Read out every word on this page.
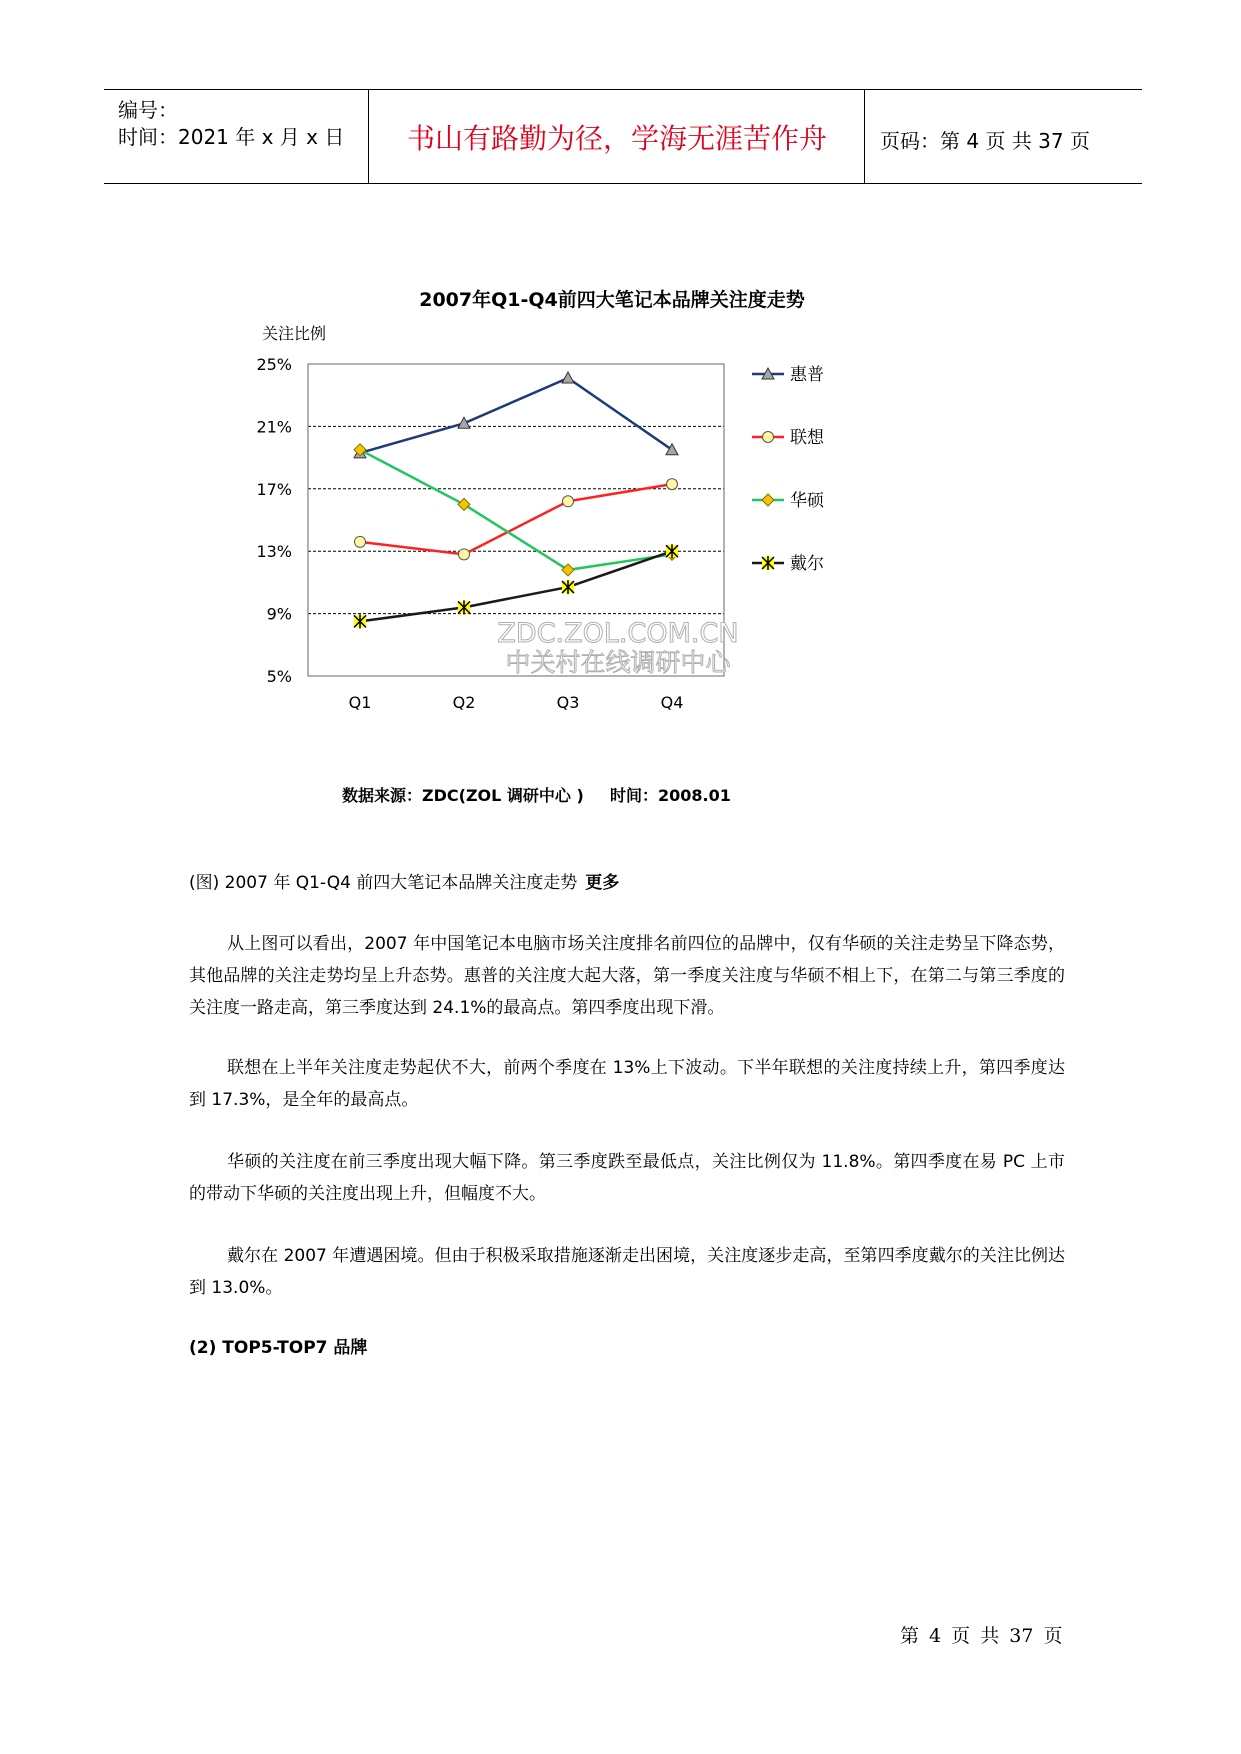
编号：
时间：2021 年 x 月 x 日	书山有路勤为径，学海无涯苦作舟	页码：第 4 页 共 37 页
2007年Q1-Q4前四大笔记本品牌关注度走势
关注比例
ZDC.ZOL.COM.CN
中关村在线调研中心
25%
21%
17%
13%
9%
5%
Q1	Q2	Q3	Q4
惠普
联想
华硕
戴尔
数据来源：ZDC(ZOL 调研中心 ) 时间：2008.01
(图) 2007 年 Q1-Q4 前四大笔记本品牌关注度走势 更多
从上图可以看出，2007 年中国笔记本电脑市场关注度排名前四位的品牌中，仅有华硕的关注走势呈下降态势，其他品牌的关注走势均呈上升态势。惠普的关注度大起大落，第一季度关注度与华硕不相上下，在第二与第三季度的关注度一路走高，第三季度达到 24.1%的最高点。第四季度出现下滑。
联想在上半年关注度走势起伏不大，前两个季度在 13%上下波动。下半年联想的关注度持续上升，第四季度达到 17.3%，是全年的最高点。
华硕的关注度在前三季度出现大幅下降。第三季度跌至最低点，关注比例仅为 11.8%。第四季度在易 PC 上市的带动下华硕的关注度出现上升，但幅度不大。
戴尔在 2007 年遭遇困境。但由于积极采取措施逐渐走出困境，关注度逐步走高，至第四季度戴尔的关注比例达到 13.0%。
(2) TOP5-TOP7 品牌
第 4 页 共 37 页
